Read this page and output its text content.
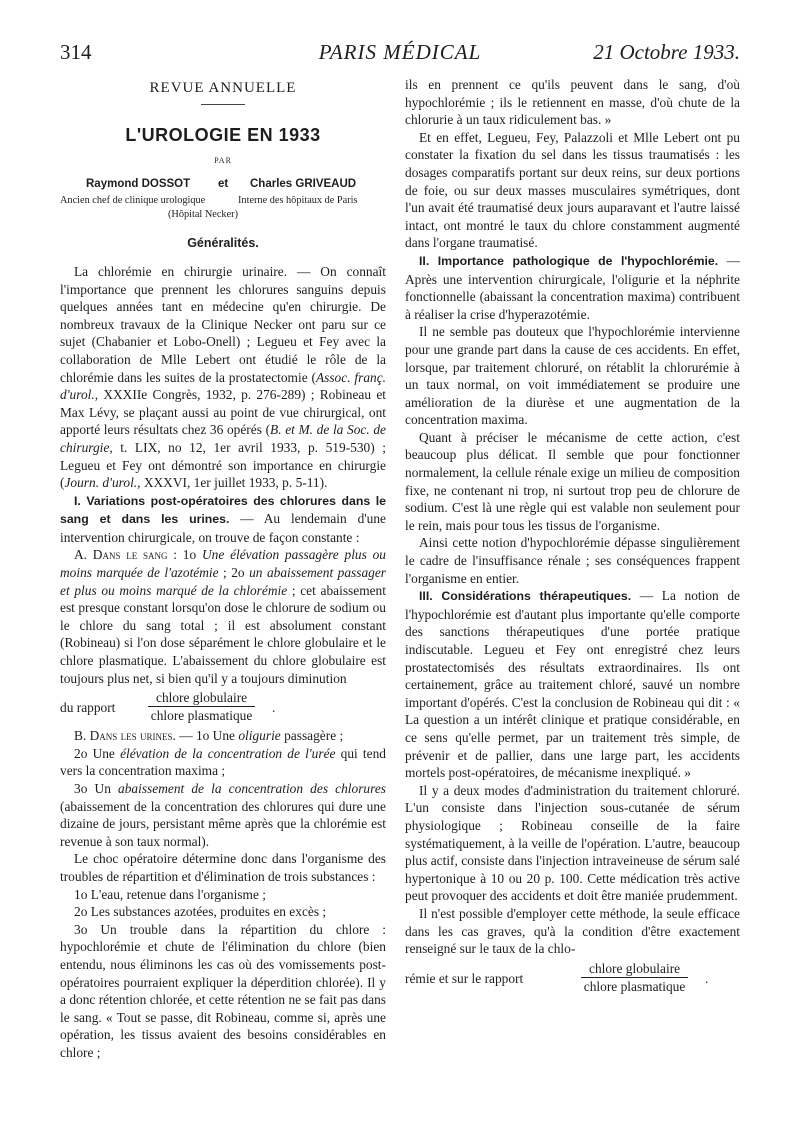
314	PARIS MÉDICAL	21 Octobre 1933.
REVUE ANNUELLE
L'UROLOGIE EN 1933
PAR
Raymond DOSSOT et Charles GRIVEAUD
Ancien chef de clinique urologique	Interne des hôpitaux de Paris
(Hôpital Necker)
Généralités.

La chlorémie en chirurgie urinaire. — On connaît l'importance que prennent les chlorures sanguins depuis quelques années tant en médecine qu'en chirurgie. De nombreux travaux de la Clinique Necker ont paru sur ce sujet (Chabanier et Lobo-Onell) ; Legueu et Fey avec la collaboration de Mlle Lebert ont étudié le rôle de la chlorémie dans les suites de la prostatectomie (Assoc. franç. d'urol., XXXIIe Congrès, 1932, p. 276-289) ; Robineau et Max Lévy, se plaçant aussi au point de vue chirurgical, ont apporté leurs résultats chez 36 opérés (B. et M. de la Soc. de chirurgie, t. LIX, no 12, 1er avril 1933, p. 519-530) ; Legueu et Fey ont démontré son importance en chirurgie (Journ. d'urol., XXXVI, 1er juillet 1933, p. 5-11).

I. Variations post-opératoires des chlorures dans le sang et dans les urines. — Au lendemain d'une intervention chirurgicale, on trouve de façon constante :

A. Dans le sang : 1o Une élévation passagère plus ou moins marquée de l'azotémie ; 2o un abaissement passager et plus ou moins marqué de la chlorémie ; cet abaissement est presque constant lorsqu'on dose le chlorure de sodium ou le chlore du sang total ; il est absolument constant (Robineau) si l'on dose séparément le chlore globulaire et le chlore plasmatique. L'abaissement du chlore globulaire est toujours plus net, si bien qu'il y a toujours diminution

du rapport
chlore globulaire
chlore plasmatique
.

B. Dans les urines. — 1o Une oligurie passagère ;

2o Une élévation de la concentration de l'urée qui tend vers la concentration maxima ;

3o Un abaissement de la concentration des chlorures (abaissement de la concentration des chlorures qui dure une dizaine de jours, persistant même après que la chlorémie est revenue à son taux normal).

Le choc opératoire détermine donc dans l'organisme des troubles de répartition et d'élimination de trois substances :

1o L'eau, retenue dans l'organisme ;

2o Les substances azotées, produites en excès ;

3o Un trouble dans la répartition du chlore : hypochlorémie et chute de l'élimination du chlore (bien entendu, nous éliminons les cas où des vomissements post-opératoires pourraient expliquer la déperdition chlorée). Il y a donc rétention chlorée, et cette rétention ne se fait pas dans le sang. « Tout se passe, dit Robineau, comme si, après une opération, les tissus avaient des besoins considérables en chlore ;

ils en prennent ce qu'ils peuvent dans le sang, d'où hypochlorémie ; ils le retiennent en masse, d'où chute de la chlorurie à un taux ridiculement bas. »

Et en effet, Legueu, Fey, Palazzoli et Mlle Lebert ont pu constater la fixation du sel dans les tissus traumatisés : les dosages comparatifs portant sur deux reins, sur deux portions de foie, ou sur deux masses musculaires symétriques, dont l'un avait été traumatisé deux jours auparavant et l'autre laissé intact, ont montré le taux du chlore constamment augmenté dans l'organe traumatisé.

II. Importance pathologique de l'hypochlorémie. — Après une intervention chirurgicale, l'oligurie et la néphrite fonctionnelle (abaissant la concentration maxima) contribuent à réaliser la crise d'hyperazotémie.

Il ne semble pas douteux que l'hypochlorémie intervienne pour une grande part dans la cause de ces accidents. En effet, lorsque, par traitement chloruré, on rétablit la chlorurémie à un taux normal, on voit immédiatement se produire une amélioration de la diurèse et une augmentation de la concentration maxima.

Quant à préciser le mécanisme de cette action, c'est beaucoup plus délicat. Il semble que pour fonctionner normalement, la cellule rénale exige un milieu de composition fixe, ne contenant ni trop, ni surtout trop peu de chlorure de sodium. C'est là une règle qui est valable non seulement pour le rein, mais pour tous les tissus de l'organisme.

Ainsi cette notion d'hypochlorémie dépasse singulièrement le cadre de l'insuffisance rénale ; ses conséquences frappent l'organisme en entier.

III. Considérations thérapeutiques. — La notion de l'hypochlorémie est d'autant plus importante qu'elle comporte des sanctions thérapeutiques d'une portée pratique indiscutable. Legueu et Fey ont enregistré chez leurs prostatectomisés des résultats extraordinaires. Ils ont certainement, grâce au traitement chloré, sauvé un nombre important d'opérés. C'est la conclusion de Robineau qui dit : « La question a un intérêt clinique et pratique considérable, en ce sens qu'elle permet, par un traitement très simple, de prévenir et de pallier, dans une large part, les accidents mortels post-opératoires, de mécanisme inexpliqué. »

Il y a deux modes d'administration du traitement chloruré. L'un consiste dans l'injection sous-cutanée de sérum physiologique ; Robineau conseille de la faire systématiquement, à la veille de l'opération. L'autre, beaucoup plus actif, consiste dans l'injection intraveineuse de sérum salé hypertonique à 10 ou 20 p. 100. Cette médication très active peut provoquer des accidents et doit être maniée prudemment.

Il n'est possible d'employer cette méthode, la seule efficace dans les cas graves, qu'à la condition d'être exactement renseigné sur le taux de la chlo-

rémie et sur le rapport
chlore globulaire
chlore plasmatique
.
